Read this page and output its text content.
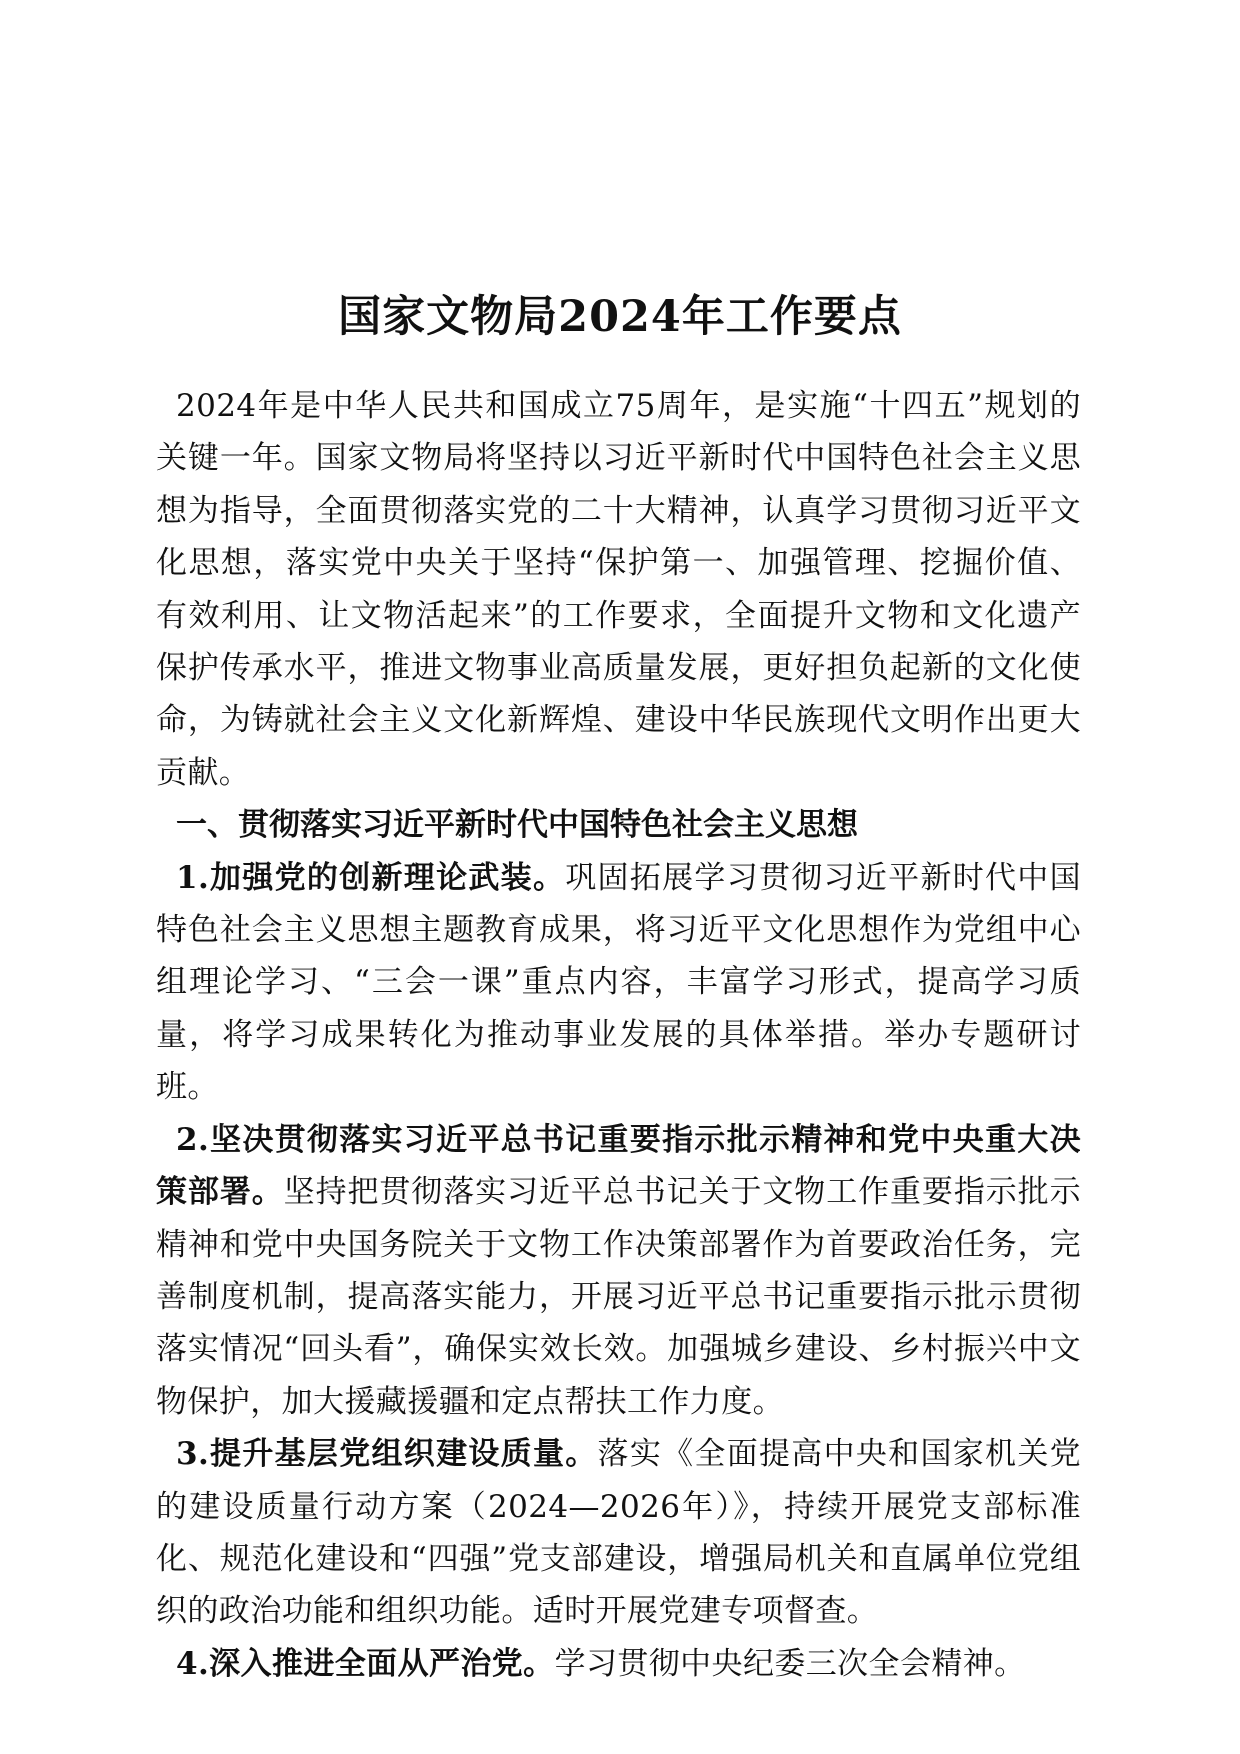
国家文物局2024年工作要点

2024年是中华人民共和国成立75周年，是实施“十四五”规划的关键一年。国家文物局将坚持以习近平新时代中国特色社会主义思想为指导，全面贯彻落实党的二十大精神，认真学习贯彻习近平文化思想，落实党中央关于坚持“保护第一、加强管理、挖掘价值、有效利用、让文物活起来”的工作要求，全面提升文物和文化遗产保护传承水平，推进文物事业高质量发展，更好担负起新的文化使命，为铸就社会主义文化新辉煌、建设中华民族现代文明作出更大贡献。

一、贯彻落实习近平新时代中国特色社会主义思想

1.加强党的创新理论武装。巩固拓展学习贯彻习近平新时代中国特色社会主义思想主题教育成果，将习近平文化思想作为党组中心组理论学习、“三会一课”重点内容，丰富学习形式，提高学习质量，将学习成果转化为推动事业发展的具体举措。举办专题研讨班。

2.坚决贯彻落实习近平总书记重要指示批示精神和党中央重大决策部署。坚持把贯彻落实习近平总书记关于文物工作重要指示批示精神和党中央国务院关于文物工作决策部署作为首要政治任务，完善制度机制，提高落实能力，开展习近平总书记重要指示批示贯彻落实情况“回头看”，确保实效长效。加强城乡建设、乡村振兴中文物保护，加大援藏援疆和定点帮扶工作力度。

3.提升基层党组织建设质量。落实《全面提高中央和国家机关党的建设质量行动方案（2024—2026年）》，持续开展党支部标准化、规范化建设和“四强”党支部建设，增强局机关和直属单位党组织的政治功能和组织功能。适时开展党建专项督查。

4.深入推进全面从严治党。学习贯彻中央纪委三次全会精神。
